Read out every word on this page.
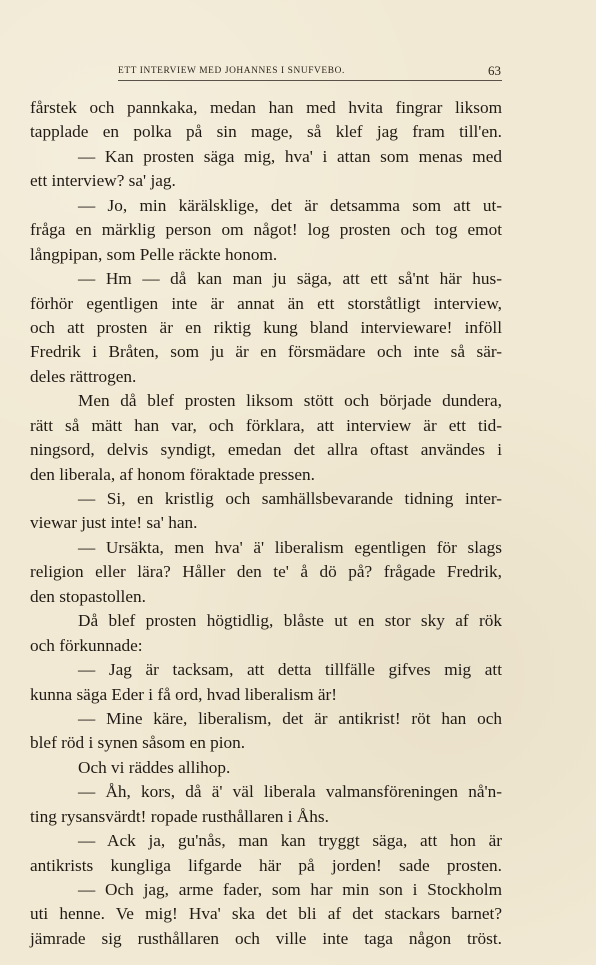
ETT INTERVIEW MED JOHANNES I SNUFVEBO.	63
fårstek och pannkaka, medan han med hvita fingrar liksom
tapplade en polka på sin mage, så klef jag fram till'en.
— Kan prosten säga mig, hva' i attan som menas med
ett interview? sa' jag.
— Jo, min kärälsklige, det är detsamma som att ut-
fråga en märklig person om något! log prosten och tog emot
långpipan, som Pelle räckte honom.
— Hm — då kan man ju säga, att ett så'nt här hus-
förhör egentligen inte är annat än ett storståtligt interview,
och att prosten är en riktig kung bland intervieware! inföll
Fredrik i Bråten, som ju är en försmädare och inte så sär-
deles rättrogen.
Men då blef prosten liksom stött och började dundera,
rätt så mätt han var, och förklara, att interview är ett tid-
ningsord, delvis syndigt, emedan det allra oftast användes i
den liberala, af honom föraktade pressen.
— Si, en kristlig och samhällsbevarande tidning inter-
viewar just inte! sa' han.
— Ursäkta, men hva' ä' liberalism egentligen för slags
religion eller lära? Håller den te' å dö på? frågade Fredrik,
den stopastollen.
Då blef prosten högtidlig, blåste ut en stor sky af rök
och förkunnade:
— Jag är tacksam, att detta tillfälle gifves mig att
kunna säga Eder i få ord, hvad liberalism är!
— Mine käre, liberalism, det är antikrist! röt han och
blef röd i synen såsom en pion.
Och vi räddes allihop.
— Åh, kors, då ä' väl liberala valmansföreningen nå'n-
ting rysansvärdt! ropade rusthållaren i Åhs.
— Ack ja, gu'nås, man kan tryggt säga, att hon är
antikrists kungliga lifgarde här på jorden! sade prosten.
— Och jag, arme fader, som har min son i Stockholm
uti henne. Ve mig! Hva' ska det bli af det stackars barnet?
jämrade sig rusthållaren och ville inte taga någon tröst.
